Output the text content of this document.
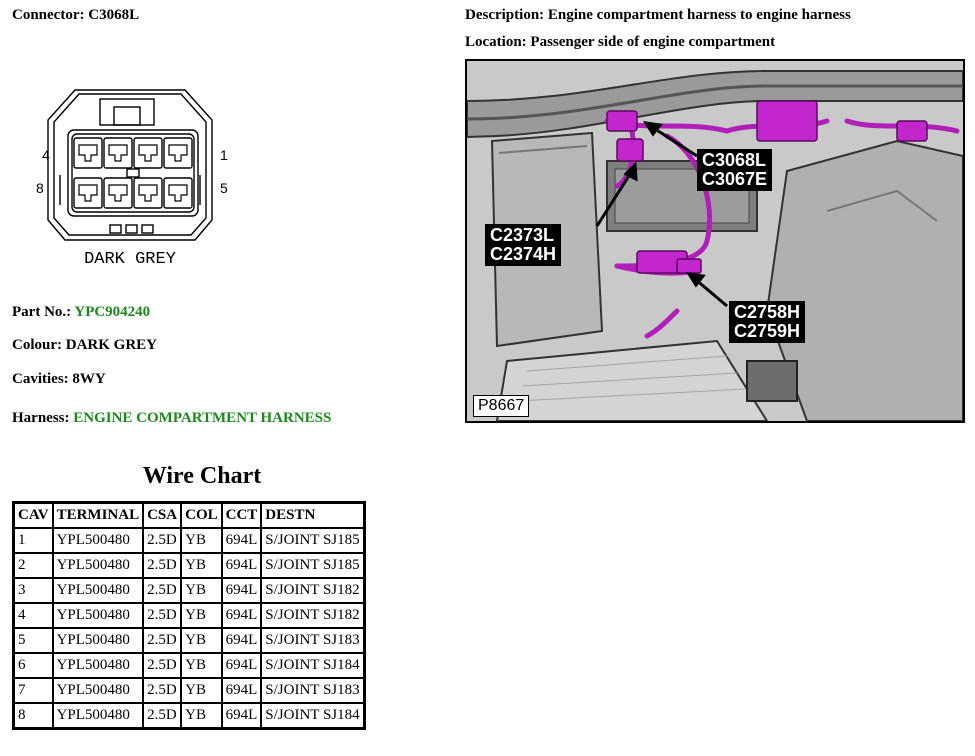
Connector: C3068L	Description: Engine compartment harness to engine harness
Location: Passenger side of engine compartment
4	1
8	5
DARK GREY
Part No.: YPC904240
Colour: DARK GREY
Cavities: 8WY
Harness: ENGINE COMPARTMENT HARNESS
C3068L
C3067E
C2373L
C2374H
C2758H
C2759H
P8667
Wire Chart
CAV	TERMINAL	CSA	COL	CCT	DESTN
1	YPL500480	2.5D	YB	694L	S/JOINT SJ185
2	YPL500480	2.5D	YB	694L	S/JOINT SJ185
3	YPL500480	2.5D	YB	694L	S/JOINT SJ182
4	YPL500480	2.5D	YB	694L	S/JOINT SJ182
5	YPL500480	2.5D	YB	694L	S/JOINT SJ183
6	YPL500480	2.5D	YB	694L	S/JOINT SJ184
7	YPL500480	2.5D	YB	694L	S/JOINT SJ183
8	YPL500480	2.5D	YB	694L	S/JOINT SJ184
